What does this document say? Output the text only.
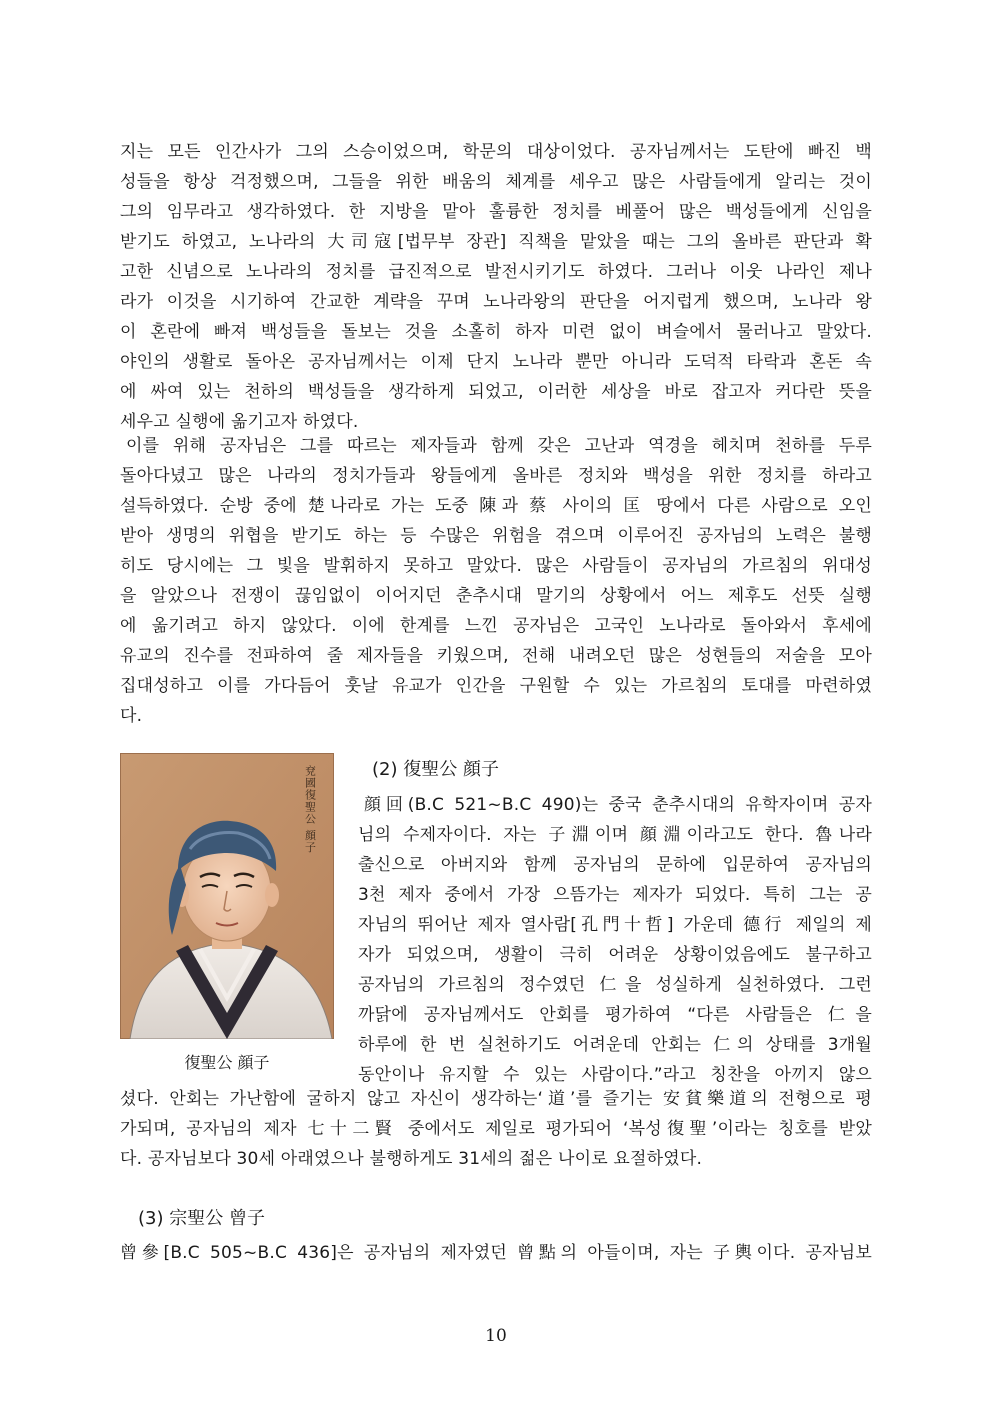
지는 모든 인간사가 그의 스승이었으며, 학문의 대상이었다. 공자님께서는 도탄에 빠진 백
성들을 항상 걱정했으며, 그들을 위한 배움의 체계를 세우고 많은 사람들에게 알리는 것이
그의 임무라고 생각하였다. 한 지방을 맡아 훌륭한 정치를 베풀어 많은 백성들에게 신임을
받기도 하였고, 노나라의 大司寇[법무부 장관] 직책을 맡았을 때는 그의 올바른 판단과 확
고한 신념으로 노나라의 정치를 급진적으로 발전시키기도 하였다. 그러나 이웃 나라인 제나
라가 이것을 시기하여 간교한 계략을 꾸며 노나라왕의 판단을 어지럽게 했으며, 노나라 왕
이 혼란에 빠져 백성들을 돌보는 것을 소홀히 하자 미련 없이 벼슬에서 물러나고 말았다.
야인의 생활로 돌아온 공자님께서는 이제 단지 노나라 뿐만 아니라 도덕적 타락과 혼돈 속
에 싸여 있는 천하의 백성들을 생각하게 되었고, 이러한 세상을 바로 잡고자 커다란 뜻을
세우고 실행에 옮기고자 하였다.
이를 위해 공자님은 그를 따르는 제자들과 함께 갖은 고난과 역경을 헤치며 천하를 두루
돌아다녔고 많은 나라의 정치가들과 왕들에게 올바른 정치와 백성을 위한 정치를 하라고
설득하였다. 순방 중에 楚나라로 가는 도중 陳과 蔡 사이의 匡 땅에서 다른 사람으로 오인
받아 생명의 위협을 받기도 하는 등 수많은 위험을 겪으며 이루어진 공자님의 노력은 불행
히도 당시에는 그 빛을 발휘하지 못하고 말았다. 많은 사람들이 공자님의 가르침의 위대성
을 알았으나 전쟁이 끊임없이 이어지던 춘추시대 말기의 상황에서 어느 제후도 선뜻 실행
에 옮기려고 하지 않았다. 이에 한계를 느낀 공자님은 고국인 노나라로 돌아와서 후세에
유교의 진수를 전파하여 줄 제자들을 키웠으며, 전해 내려오던 많은 성현들의 저술을 모아
집대성하고 이를 가다듬어 훗날 유교가 인간을 구원할 수 있는 가르침의 토대를 마련하였
다.
兗國復聖公 顔子
復聖公 顔子
(2) 復聖公 顔子
顔回(B.C 521~B.C 490)는 중국 춘추시대의 유학자이며 공자
님의 수제자이다. 자는 子淵이며 顔淵이라고도 한다. 魯나라
출신으로 아버지와 함께 공자님의 문하에 입문하여 공자님의
3천 제자 중에서 가장 으뜸가는 제자가 되었다. 특히 그는 공
자님의 뛰어난 제자 열사람[孔門十哲] 가운데 德行 제일의 제
자가 되었으며, 생활이 극히 어려운 상황이었음에도 불구하고
공자님의 가르침의 정수였던 仁을 성실하게 실천하였다. 그런
까닭에 공자님께서도 안회를 평가하여 “다른 사람들은 仁을
하루에 한 번 실천하기도 어려운데 안회는 仁의 상태를 3개월
동안이나 유지할 수 있는 사람이다.”라고 칭찬을 아끼지 않으
셨다. 안회는 가난함에 굴하지 않고 자신이 생각하는‘道’를 즐기는 安貧樂道의 전형으로 평
가되며, 공자님의 제자 七十二賢 중에서도 제일로 평가되어 ‘복성復聖’이라는 칭호를 받았
다. 공자님보다 30세 아래였으나 불행하게도 31세의 젊은 나이로 요절하였다.
(3) 宗聖公 曾子
曾參[B.C 505~B.C 436]은 공자님의 제자였던 曾點의 아들이며, 자는 子輿이다. 공자님보
10
